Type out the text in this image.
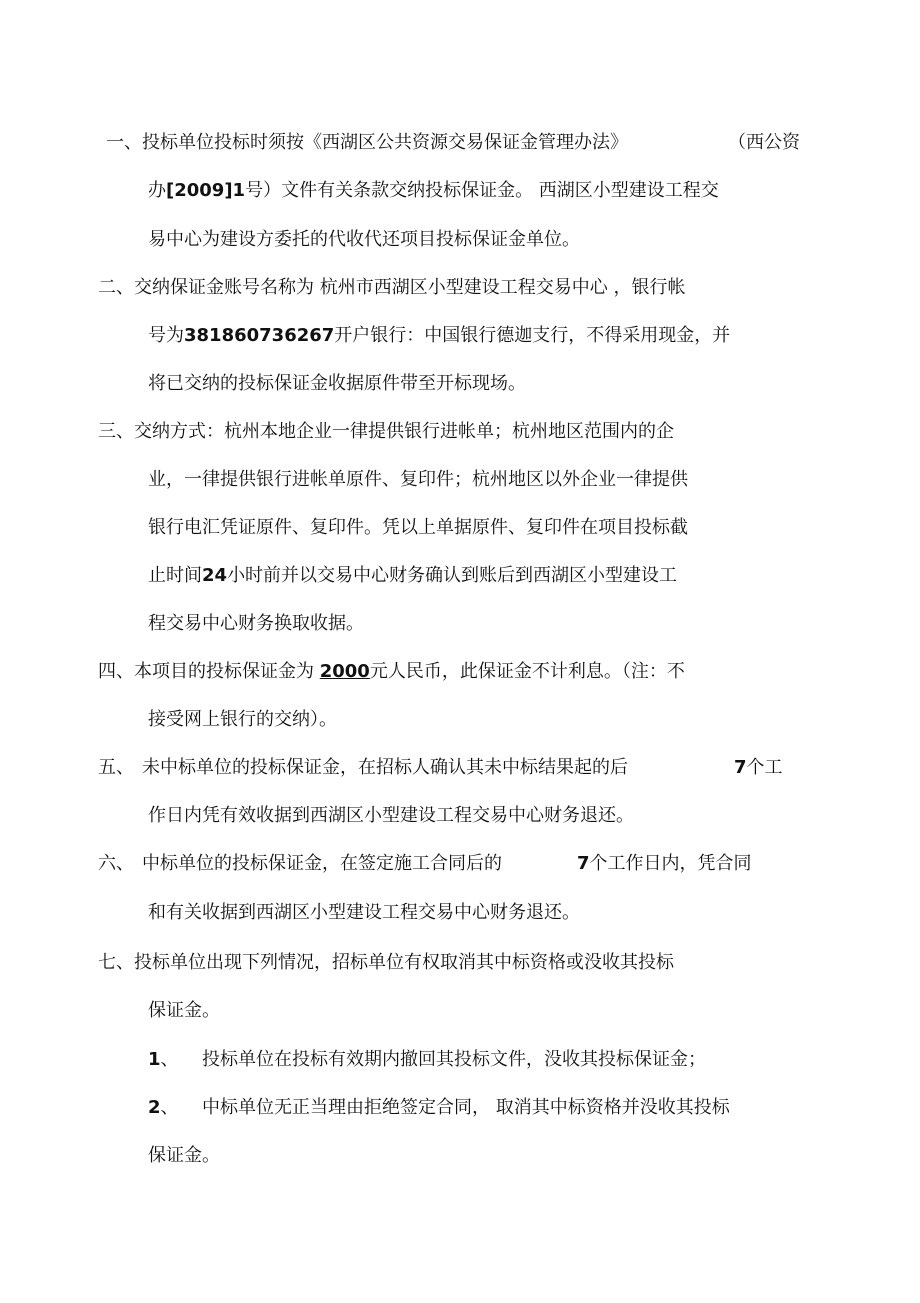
一、投标单位投标时须按《西湖区公共资源交易保证金管理办法》	（西公资
办[2009]1号）文件有关条款交纳投标保证金。 西湖区小型建设工程交
易中心为建设方委托的代收代还项目投标保证金单位。
二、交纳保证金账号名称为 杭州市西湖区小型建设工程交易中心 ，银行帐
号为381860736267开户银行：中国银行德迦支行，不得采用现金，并
将已交纳的投标保证金收据原件带至开标现场。
三、交纳方式：杭州本地企业一律提供银行进帐单；杭州地区范围内的企
业，一律提供银行进帐单原件、复印件；杭州地区以外企业一律提供
银行电汇凭证原件、复印件。凭以上单据原件、复印件在项目投标截
止时间24小时前并以交易中心财务确认到账后到西湖区小型建设工
程交易中心财务换取收据。
四、本项目的投标保证金为 2000元人民币，此保证金不计利息。（注：不
接受网上银行的交纳）。
五、 未中标单位的投标保证金，在招标人确认其未中标结果起的后	7个工
作日内凭有效收据到西湖区小型建设工程交易中心财务退还。
六、 中标单位的投标保证金，在签定施工合同后的	7个工作日内，凭合同
和有关收据到西湖区小型建设工程交易中心财务退还。
七、投标单位出现下列情况，招标单位有权取消其中标资格或没收其投标
保证金。
1、 投标单位在投标有效期内撤回其投标文件，没收其投标保证金；
2、 中标单位无正当理由拒绝签定合同， 取消其中标资格并没收其投标
保证金。
